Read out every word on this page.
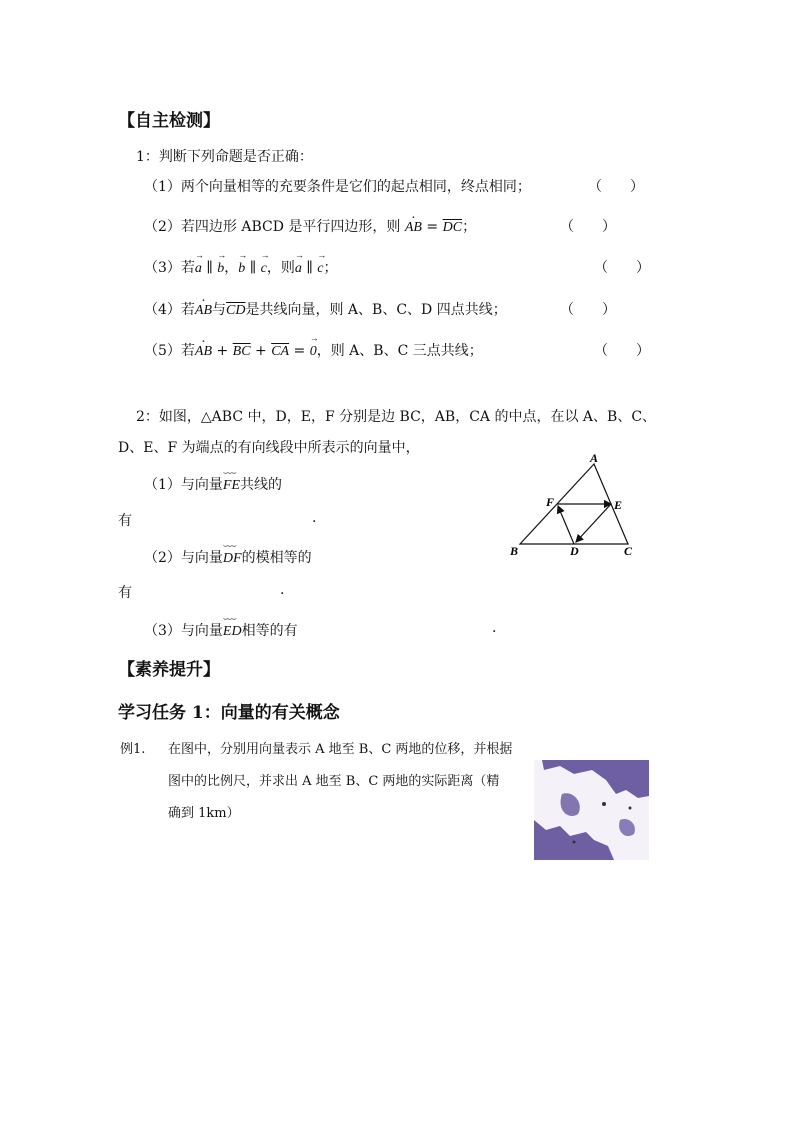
【自主检测】
1：判断下列命题是否正确：
（1）两个向量相等的充要条件是它们的起点相同，终点相同；	（　　）
（2）若四边形 ABCD 是平行四边形，则 · AB = $\overline{DC}$；	（　　）
（3）若→ a ∥ → b，→ b ∥ → c，则→ a ∥ → c；	（　　）
（4）若· AB与$\overline{CD}$是共线向量，则 A、B、C、D 四点共线；	（　　）
（5）若· AB + $\overline{BC} + \overline{CA}$ = → 0，则 A、B、C 三点共线；	（　　）
2：如图，△ABC 中，D，E，F 分别是边 BC，AB，CA 的中点，在以 A、B、C、
D、E、F 为端点的有向线段中所表示的向量中，
（1）与向量⌣⌣⌣ FE共线的
有	.
（2）与向量⌣⌣⌣ DF的模相等的
有	.
（3）与向量⌣⌣⌣ ED相等的有	.
A
B	C
D
E
F
【素养提升】
学习任务 1：向量的有关概念
例1. 在图中，分别用向量表示 A 地至 B、C 两地的位移，并根据
图中的比例尺，并求出 A 地至 B、C 两地的实际距离（精
确到 1km）
